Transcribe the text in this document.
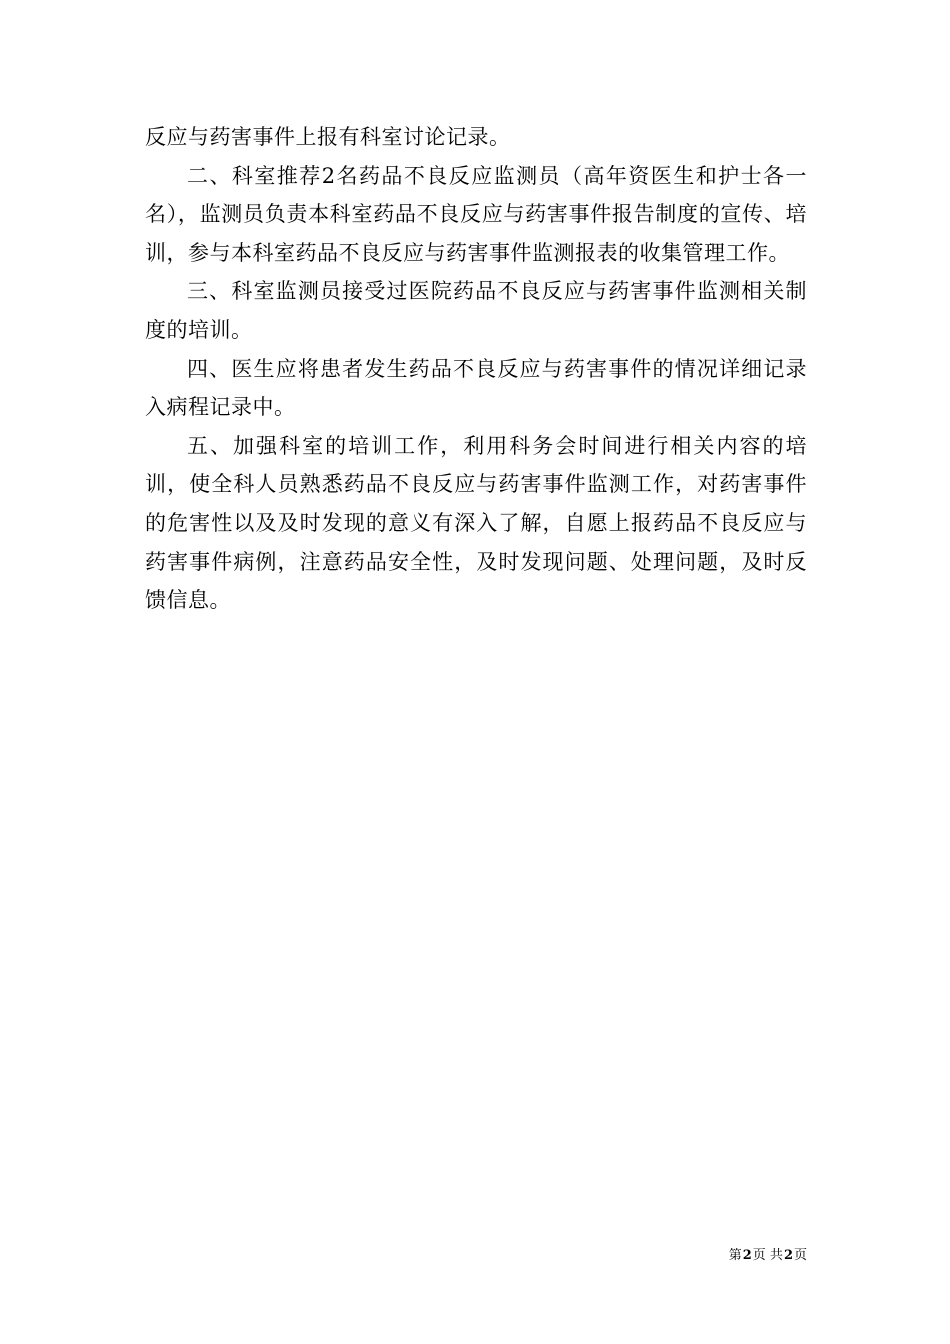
反应与药害事件上报有科室讨论记录。

二、科室推荐2名药品不良反应监测员（高年资医生和护士各一名），监测员负责本科室药品不良反应与药害事件报告制度的宣传、培训，参与本科室药品不良反应与药害事件监测报表的收集管理工作。

三、科室监测员接受过医院药品不良反应与药害事件监测相关制度的培训。

四、医生应将患者发生药品不良反应与药害事件的情况详细记录入病程记录中。

五、加强科室的培训工作，利用科务会时间进行相关内容的培训，使全科人员熟悉药品不良反应与药害事件监测工作，对药害事件的危害性以及及时发现的意义有深入了解，自愿上报药品不良反应与药害事件病例，注意药品安全性，及时发现问题、处理问题，及时反馈信息。

第2页 共2页
